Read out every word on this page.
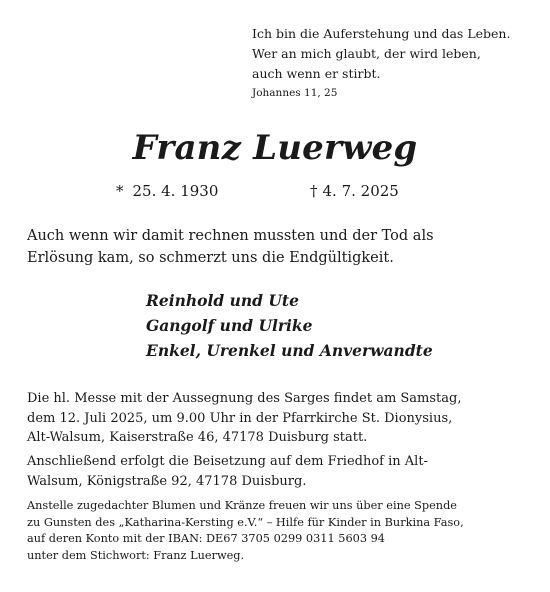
Ich bin die Auferstehung und das Leben.
Wer an mich glaubt, der wird leben,
auch wenn er stirbt.
Johannes 11, 25
Franz Luerweg
* 25. 4. 1930	† 4. 7. 2025
Auch wenn wir damit rechnen mussten und der Tod als
Erlösung kam, so schmerzt uns die Endgültigkeit.
Reinhold und Ute
Gangolf und Ulrike
Enkel, Urenkel und Anverwandte
Die hl. Messe mit der Aussegnung des Sarges findet am Samstag,
dem 12. Juli 2025, um 9.00 Uhr in der Pfarrkirche St. Dionysius,
Alt-Walsum, Kaiserstraße 46, 47178 Duisburg statt.
Anschließend erfolgt die Beisetzung auf dem Friedhof in Alt-
Walsum, Königstraße 92, 47178 Duisburg.
Anstelle zugedachter Blumen und Kränze freuen wir uns über eine Spende
zu Gunsten des „Katharina-Kersting e.V.“ – Hilfe für Kinder in Burkina Faso,
auf deren Konto mit der IBAN: DE67 3705 0299 0311 5603 94
unter dem Stichwort: Franz Luerweg.
